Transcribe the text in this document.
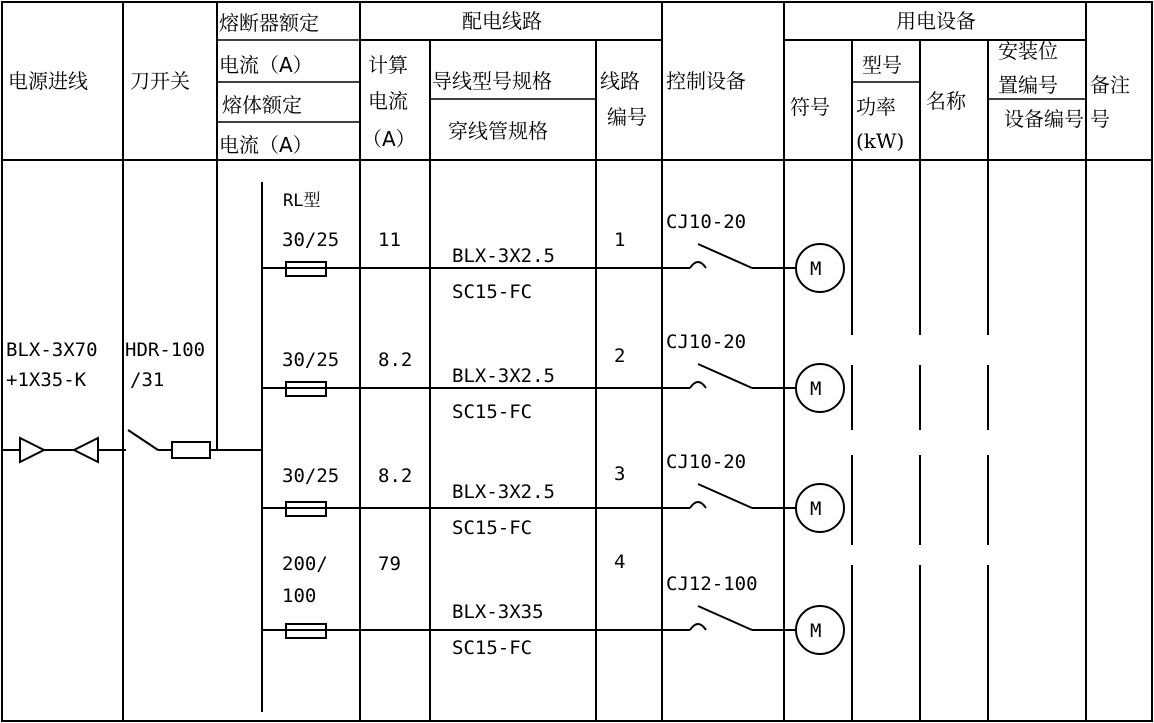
电源进线 刀开关
熔断器额定
电流（A）
熔体额定
电流（A）
计算
电流
（A）
配电线路
导线型号规格
穿线管规格
线路
编号
控制设备
用电设备
符号
型号
功率
(kW)
名称
安装位
置编号
设备编号
备注
号
BLX-3X70
+1X35-K
HDR-100
/31
RL型
30/25 11
BLX-3X2.5
SC15-FC
1
CJ10-20
M
30/25 8.2
BLX-3X2.5
SC15-FC
2
CJ10-20
M
30/25 8.2
BLX-3X2.5
SC15-FC
3
CJ10-20
M
200/
100
79
BLX-3X35
SC15-FC
4
CJ12-100
M
